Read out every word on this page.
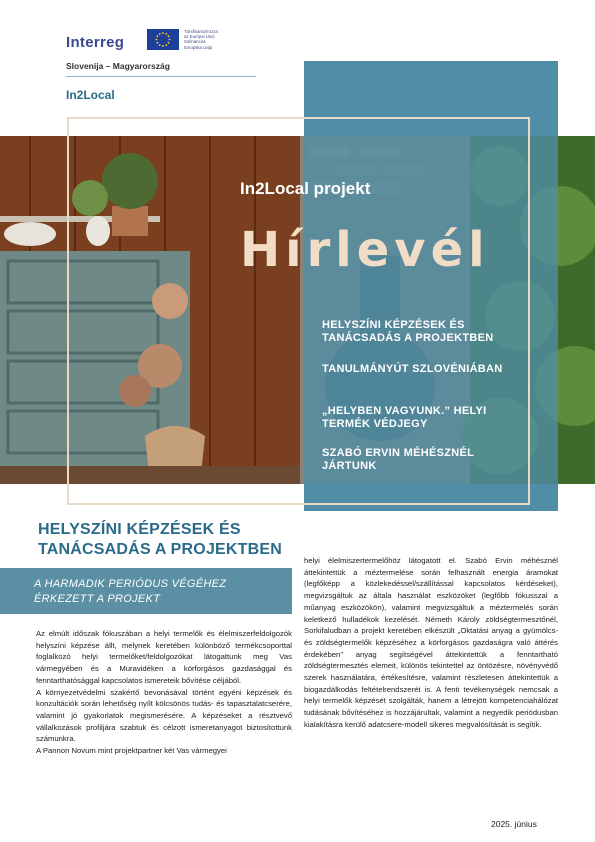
Interreg
Társfinanszírozza
az Európai Unió
Sofinancira
Evropska unija
Slovenija – Magyarország
In2Local
In2Local projekt
Hírlevél
HELYSZÍNI KÉPZÉSEK ÉS TANÁCSADÁS A PROJEKTBEN
TANULMÁNYÚT SZLOVÉNIÁBAN
„HELYBEN VAGYUNK.” HELYI TERMÉK VÉDJEGY
SZABÓ ERVIN MÉHÉSZNÉL JÁRTUNK
HELYSZÍNI KÉPZÉSEK ÉS TANÁCSADÁS A PROJEKTBEN
A HARMADIK PERIÓDUS VÉGÉHEZ ÉRKEZETT A PROJEKT

Az elmúlt időszak fókuszában a helyi termelők és élelmiszerfeldolgozók helyszíni képzése állt, melynek keretében különböző termékcsoporttal foglalkozó helyi termelőket/feldolgozókat látogattunk meg Vas vármegyében és a Muravidéken a körforgásos gazdasággal és fenntarthatósággal kapcsolatos ismereteik bővítése céljából.

A környezetvédelmi szakértő bevonásával történt egyéni képzések és konzultációk során lehetőség nyílt kölcsönös tudás- és tapasztalatcserére, valamint jó gyakorlatok megismerésére. A képzéseket a résztvevő vállalkozások profiljára szabtuk és célzott ismeretanyagot biztosítottunk számunkra.

A Pannon Novum mint projektpartner két Vas vármegyei

helyi élelmiszertermelőhöz látogatott el. Szabó Ervin méhésznél áttekintettük a méztermelése során felhasznált energia áramokat (legfőképp a közlekedéssel/szállítással kapcsolatos kérdéseket), megvizsgáltuk az általa használat eszközöket (legfőbb fókusszal a műanyag eszközökön), valamint megvizsgáltuk a méztermelés során keletkező hulladékok kezelését. Németh Károly zöldségtermesztőnél, Sorkifaludban a projekt keretében elkészült „Oktatási anyag a gyümölcs- és zöldségtermelők képzéséhez a körforgásos gazdaságra való áttérés érdekében” anyag segítségével áttekintettük a fenntartható zöldségtermesztés elemeit, különös tekintettel az öntözésre, növényvédő szerek használatára, értékesítésre, valamint részletesen áttekintettük a biogazdálkodás feltételrendszerét is. A fenti tevékenységek nemcsak a helyi termelők képzését szolgálták, hanem a létrejött kompetenciahálózat tudásának bővítéséhez is hozzájárultak, valamint a negyedik periódusban kialakításra kerülő adatcsere-modell sikeres megvalósítását is segítik.

2025. június
